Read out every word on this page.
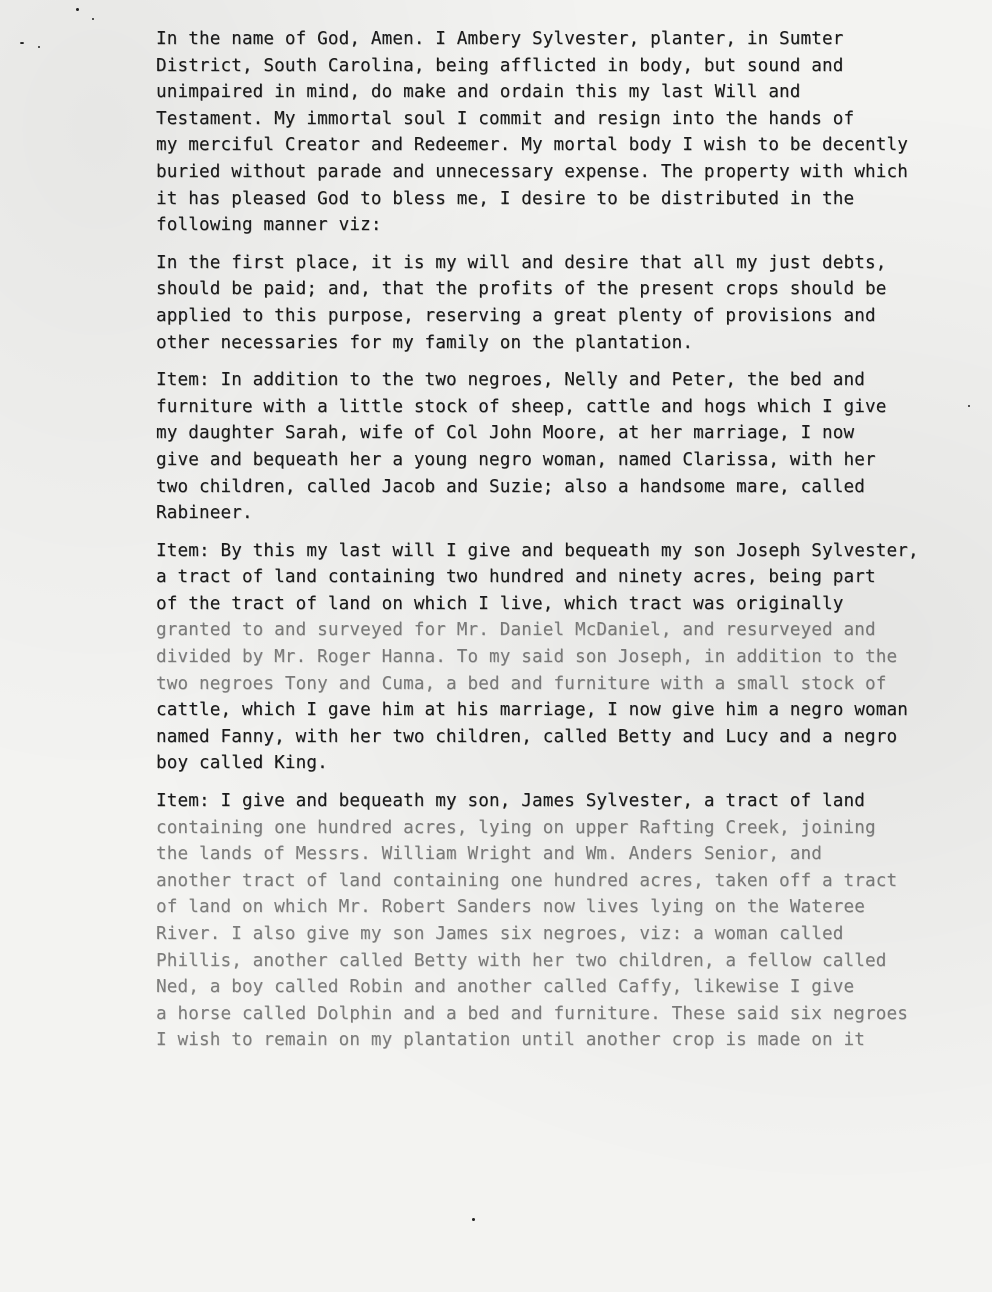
In the name of God, Amen. I Ambery Sylvester, planter, in Sumter
District, South Carolina, being afflicted in body, but sound and
unimpaired in mind, do make and ordain this my last Will and
Testament. My immortal soul I commit and resign into the hands of
my merciful Creator and Redeemer. My mortal body I wish to be decently
buried without parade and unnecessary expense. The property with which
it has pleased God to bless me, I desire to be distributed in the
following manner viz:

In the first place, it is my will and desire that all my just debts,
should be paid; and, that the profits of the present crops should be
applied to this purpose, reserving a great plenty of provisions and
other necessaries for my family on the plantation.

Item: In addition to the two negroes, Nelly and Peter, the bed and
furniture with a little stock of sheep, cattle and hogs which I give
my daughter Sarah, wife of Col John Moore, at her marriage, I now
give and bequeath her a young negro woman, named Clarissa, with her
two children, called Jacob and Suzie; also a handsome mare, called
Rabineer.

Item: By this my last will I give and bequeath my son Joseph Sylvester,
a tract of land containing two hundred and ninety acres, being part
of the tract of land on which I live, which tract was originally
granted to and surveyed for Mr. Daniel McDaniel, and resurveyed and
divided by Mr. Roger Hanna. To my said son Joseph, in addition to the
two negroes Tony and Cuma, a bed and furniture with a small stock of
cattle, which I gave him at his marriage, I now give him a negro woman
named Fanny, with her two children, called Betty and Lucy and a negro
boy called King.

Item: I give and bequeath my son, James Sylvester, a tract of land
containing one hundred acres, lying on upper Rafting Creek, joining
the lands of Messrs. William Wright and Wm. Anders Senior, and
another tract of land containing one hundred acres, taken off a tract
of land on which Mr. Robert Sanders now lives lying on the Wateree
River. I also give my son James six negroes, viz: a woman called
Phillis, another called Betty with her two children, a fellow called
Ned, a boy called Robin and another called Caffy, likewise I give
a horse called Dolphin and a bed and furniture. These said six negroes
I wish to remain on my plantation until another crop is made on it
